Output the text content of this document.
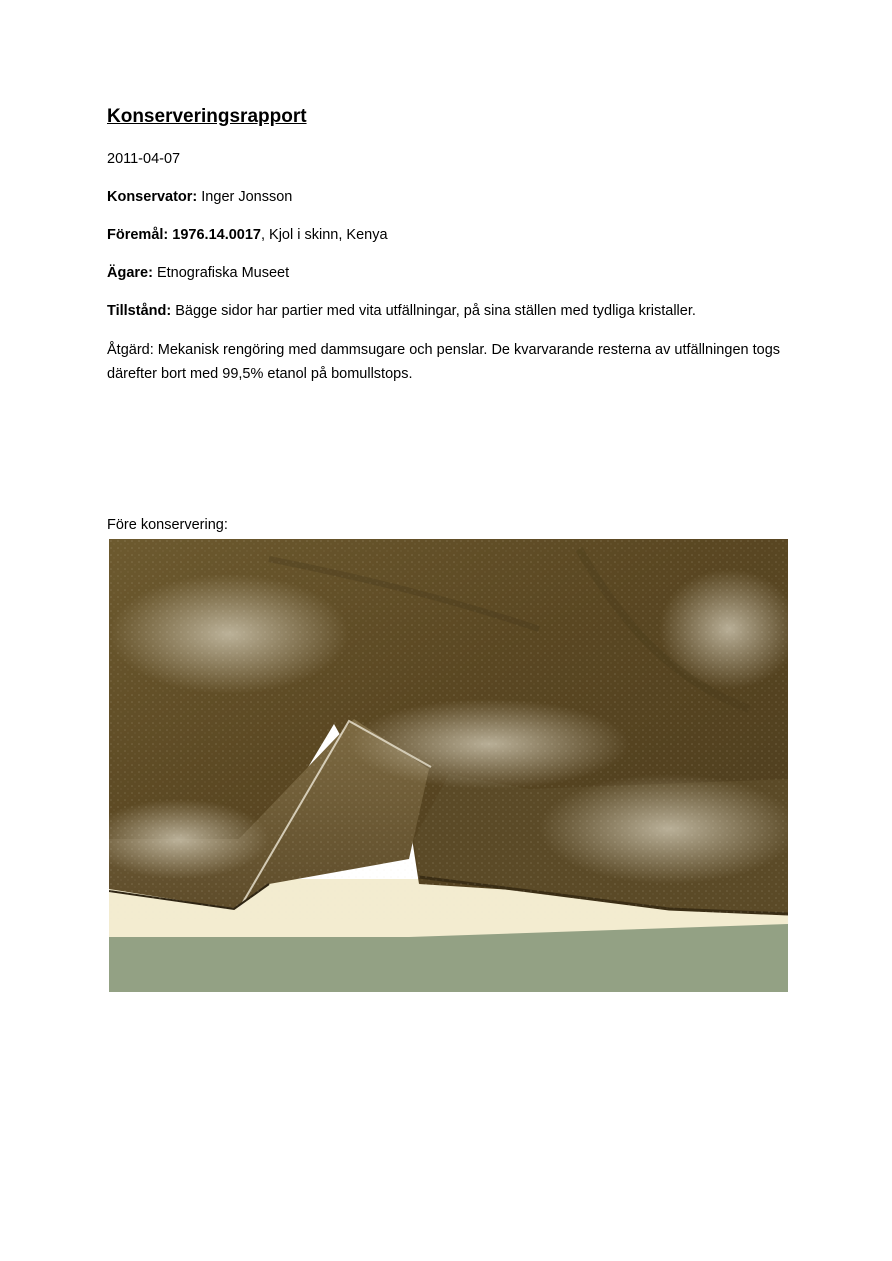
Konserveringsrapport
2011-04-07
Konservator: Inger Jonsson
Föremål: 1976.14.0017, Kjol i skinn, Kenya
Ägare: Etnografiska Museet
Tillstånd: Bägge sidor har partier med vita utfällningar, på sina ställen med tydliga kristaller.
Åtgärd: Mekanisk rengöring med dammsugare och penslar. De kvarvarande resterna av utfällningen togs därefter bort med 99,5% etanol på bomullstops.
Före konservering:
